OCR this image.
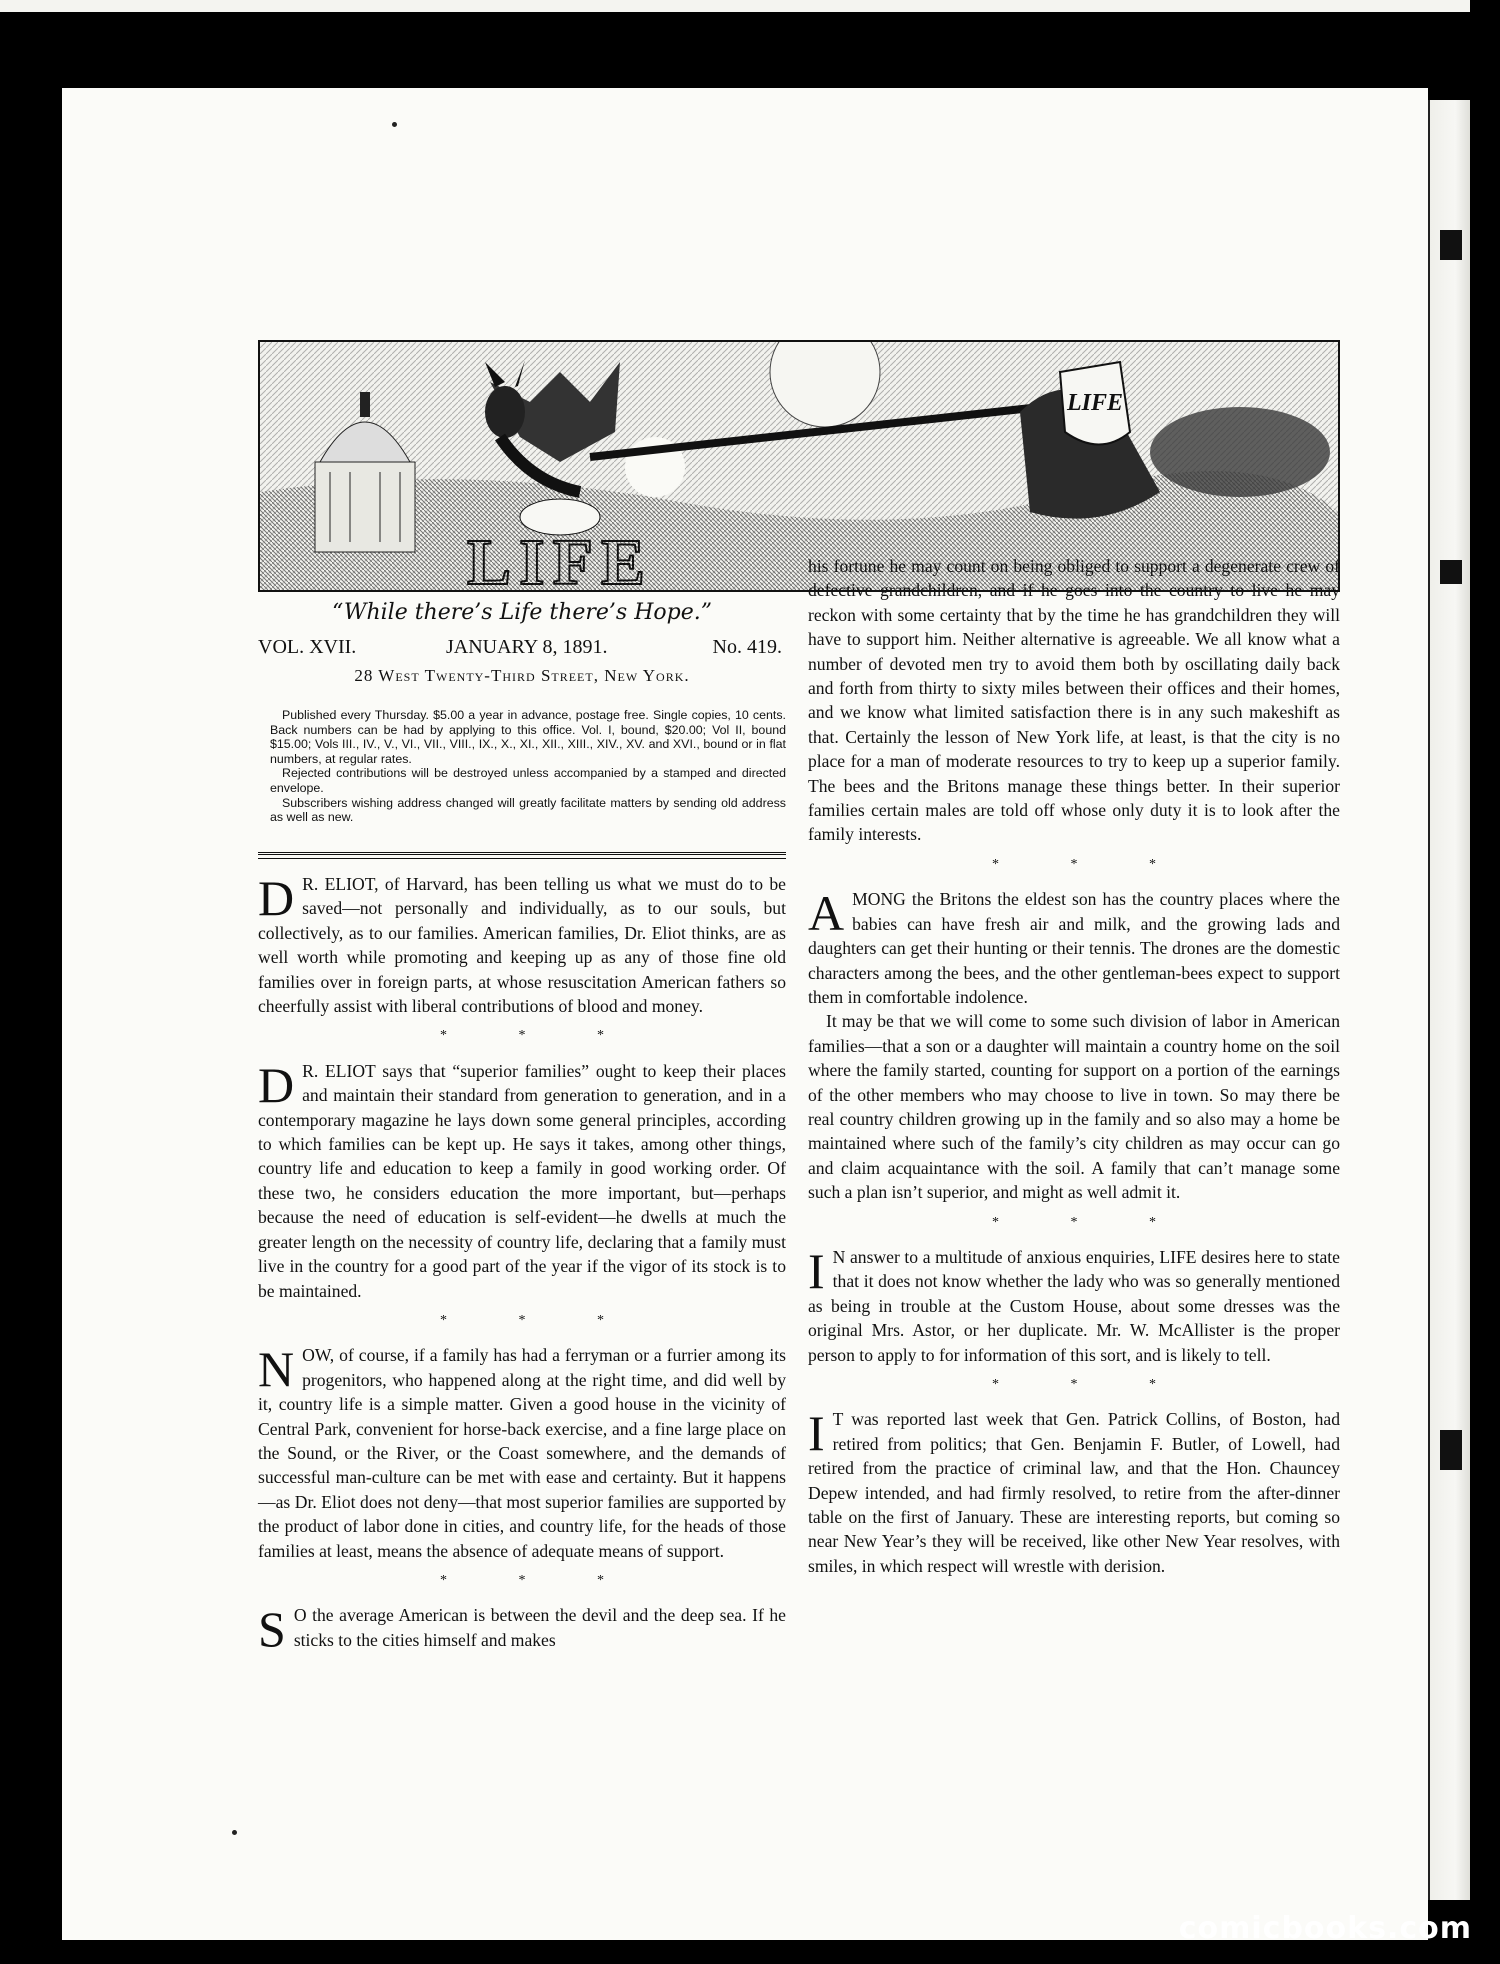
LIFE
LIFE
“While there’s Life there’s Hope.”
VOL. XVII.	JANUARY 8, 1891.	No. 419.
28 West Twenty-Third Street, New York.

Published every Thursday. $5.00 a year in advance, postage free. Single copies, 10 cents. Back numbers can be had by applying to this office. Vol. I, bound, $20.00; Vol II, bound $15.00; Vols III., IV., V., VI., VII., VIII., IX., X., XI., XII., XIII., XIV., XV. and XVI., bound or in flat numbers, at regular rates.

Rejected contributions will be destroyed unless accompanied by a stamped and directed envelope.

Subscribers wishing address changed will greatly facilitate matters by sending old address as well as new.

D R. ELIOT, of Harvard, has been telling us what we must do to be saved—not personally and individually, as to our souls, but collectively, as to our families. American families, Dr. Eliot thinks, are as well worth while promoting and keeping up as any of those fine old families over in foreign parts, at whose resuscitation American fathers so cheerfully assist with liberal contributions of blood and money.

* * *

D R. ELIOT says that “superior families” ought to keep their places and maintain their standard from generation to generation, and in a contemporary magazine he lays down some general principles, according to which families can be kept up. He says it takes, among other things, country life and education to keep a family in good working order. Of these two, he considers education the more important, but—perhaps because the need of education is self-evident—he dwells at much the greater length on the necessity of country life, declaring that a family must live in the country for a good part of the year if the vigor of its stock is to be maintained.

* * *

NOW, of course, if a family has had a ferryman or a furrier among its progenitors, who happened along at the right time, and did well by it, country life is a simple matter. Given a good house in the vicinity of Central Park, convenient for horse-back exercise, and a fine large place on the Sound, or the River, or the Coast somewhere, and the demands of successful man-culture can be met with ease and certainty. But it happens—as Dr. Eliot does not deny—that most superior families are supported by the product of labor done in cities, and country life, for the heads of those families at least, means the absence of adequate means of support.

* * *

S O the average American is between the devil and the deep sea. If he sticks to the cities himself and makes

his fortune he may count on being obliged to support a degenerate crew of defective grandchildren, and if he goes into the country to live he may reckon with some certainty that by the time he has grandchildren they will have to support him. Neither alternative is agreeable. We all know what a number of devoted men try to avoid them both by oscillating daily back and forth from thirty to sixty miles between their offices and their homes, and we know what limited satisfaction there is in any such makeshift as that. Certainly the lesson of New York life, at least, is that the city is no place for a man of moderate resources to try to keep up a superior family. The bees and the Britons manage these things better. In their superior families certain males are told off whose only duty it is to look after the family interests.

* * *

AMONG the Britons the eldest son has the country places where the babies can have fresh air and milk, and the growing lads and daughters can get their hunting or their tennis. The drones are the domestic characters among the bees, and the other gentleman-bees expect to support them in comfortable indolence.

It may be that we will come to some such division of labor in American families—that a son or a daughter will maintain a country home on the soil where the family started, counting for support on a portion of the earnings of the other members who may choose to live in town. So may there be real country children growing up in the family and so also may a home be maintained where such of the family’s city children as may occur can go and claim acquaintance with the soil. A family that can’t manage some such a plan isn’t superior, and might as well admit it.

* * *

I N answer to a multitude of anxious enquiries, LIFE desires here to state that it does not know whether the lady who was so generally mentioned as being in trouble at the Custom House, about some dresses was the original Mrs. Astor, or her duplicate. Mr. W. McAllister is the proper person to apply to for information of this sort, and is likely to tell.

* * *

I T was reported last week that Gen. Patrick Collins, of Boston, had retired from politics; that Gen. Benjamin F. Butler, of Lowell, had retired from the practice of criminal law, and that the Hon. Chauncey Depew intended, and had firmly resolved, to retire from the after-dinner table on the first of January. These are interesting reports, but coming so near New Year’s they will be received, like other New Year resolves, with smiles, in which respect will wrestle with derision.

comicbooks.com
